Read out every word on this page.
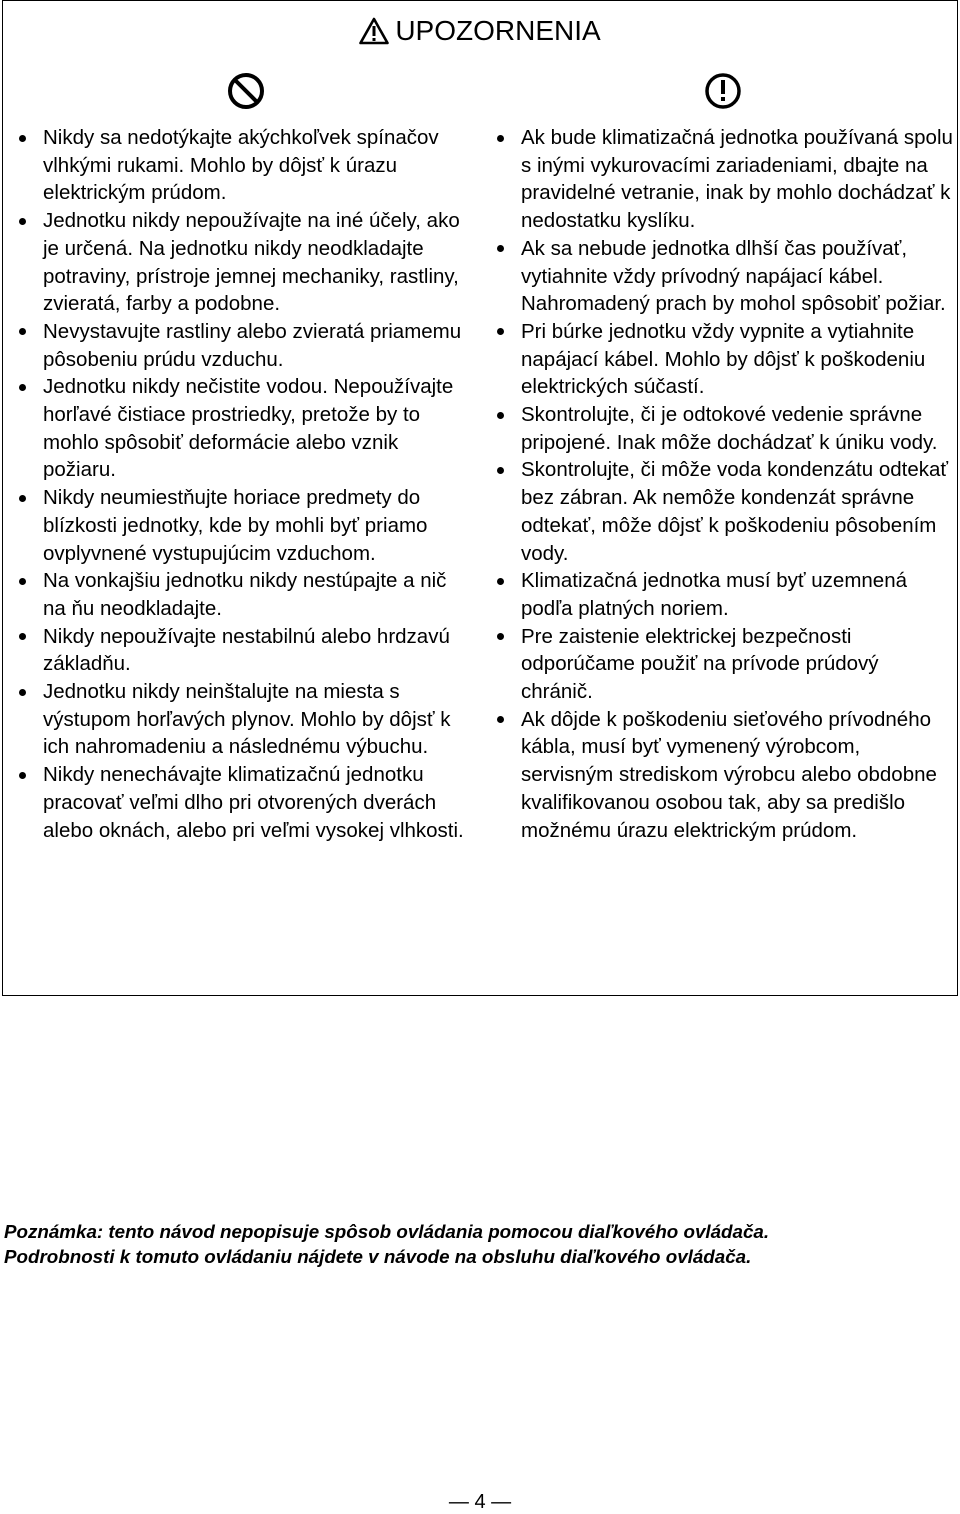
UPOZORNENIA
Nikdy sa nedotýkajte akýchkoľvek spínačov vlhkými rukami. Mohlo by dôjsť k úrazu elektrickým prúdom.
Jednotku nikdy nepoužívajte na iné účely, ako je určená. Na jednotku nikdy neodkladajte potraviny, prístroje jemnej mechaniky, rastliny, zvieratá, farby a podobne.
Nevystavujte rastliny alebo zvieratá priamemu pôsobeniu prúdu vzduchu.
Jednotku nikdy nečistite vodou. Nepoužívajte horľavé čistiace prostriedky, pretože by to mohlo spôsobiť deformácie alebo vznik požiaru.
Nikdy neumiestňujte horiace predmety do blízkosti jednotky, kde by mohli byť priamo ovplyvnené vystupujúcim vzduchom.
Na vonkajšiu jednotku nikdy nestúpajte a nič na ňu neodkladajte.
Nikdy nepoužívajte nestabilnú alebo hrdzavú základňu.
Jednotku nikdy neinštalujte na miesta s výstupom horľavých plynov. Mohlo by dôjsť k ich nahromadeniu a následnému výbuchu.
Nikdy nenechávajte klimatizačnú jednotku pracovať veľmi dlho pri otvorených dverách alebo oknách, alebo pri veľmi vysokej vlhkosti.
Ak bude klimatizačná jednotka používaná spolu s inými vykurovacími zariadeniami, dbajte na pravidelné vetranie, inak by mohlo dochádzať k nedostatku kyslíku.
Ak sa nebude jednotka dlhší čas používať, vytiahnite vždy prívodný napájací kábel. Nahromadený prach by mohol spôsobiť požiar.
Pri búrke jednotku vždy vypnite a vytiahnite napájací kábel. Mohlo by dôjsť k poškodeniu elektrických súčastí.
Skontrolujte, či je odtokové vedenie správne pripojené. Inak môže dochádzať k úniku vody.
Skontrolujte, či môže voda kondenzátu odtekať bez zábran. Ak nemôže kondenzát správne odtekať, môže dôjsť k poškodeniu pôsobením vody.
Klimatizačná jednotka musí byť uzemnená podľa platných noriem.
Pre zaistenie elektrickej bezpečnosti odporúčame použiť na prívode prúdový chránič.
Ak dôjde k poškodeniu sieťového prívodného kábla, musí byť vymenený výrobcom, servisným strediskom výrobcu alebo obdobne kvalifikovanou osobou tak, aby sa predišlo možnému úrazu elektrickým prúdom.
Poznámka: tento návod nepopisuje spôsob ovládania pomocou diaľkového ovládača.
Podrobnosti k tomuto ovládaniu nájdete v návode na obsluhu diaľkového ovládača.
— 4 —
